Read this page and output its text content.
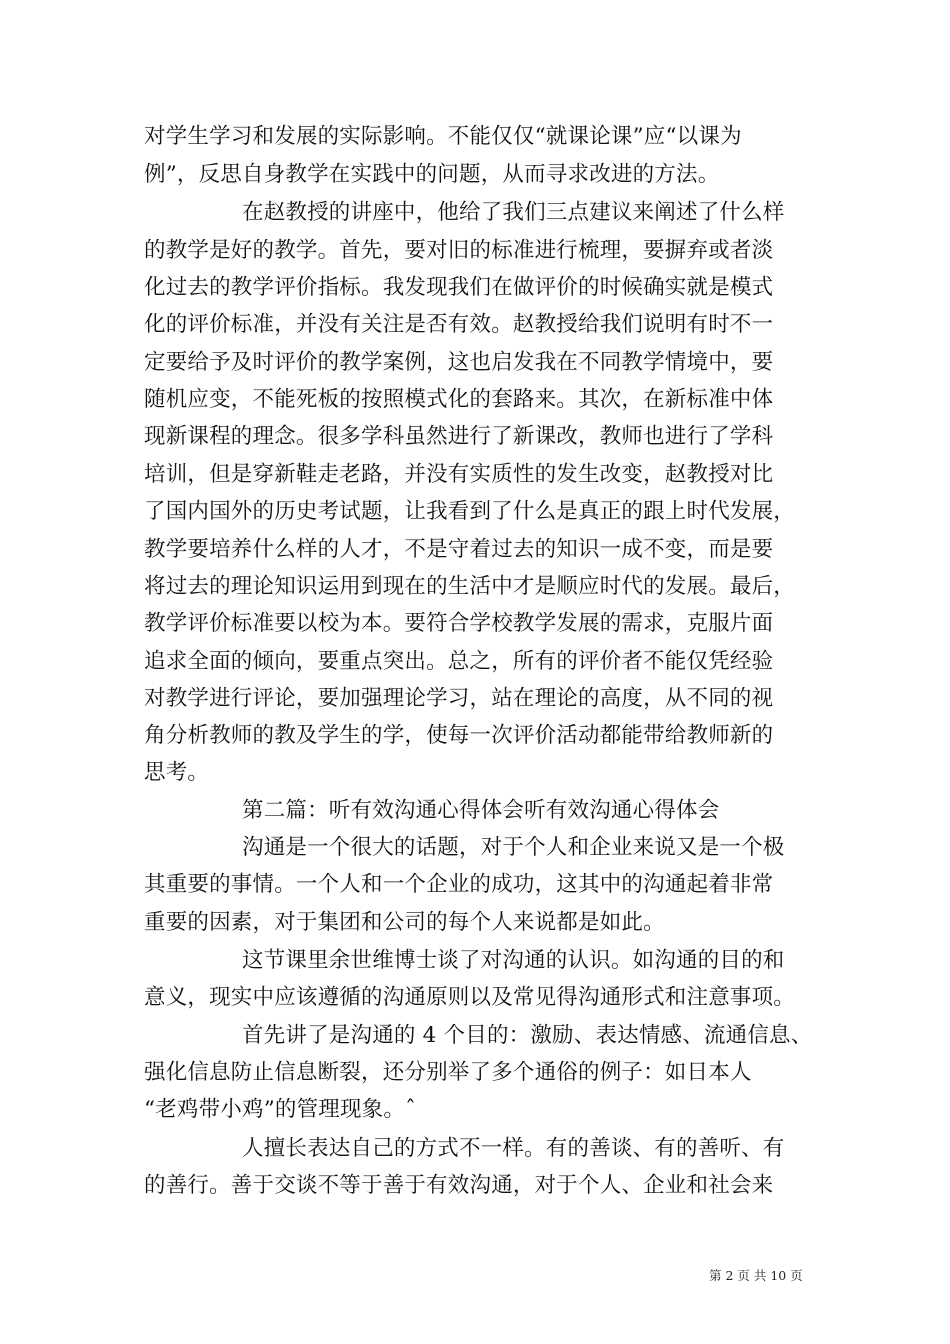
对学生学习和发展的实际影响。不能仅仅“就课论课”应“以课为
例”，反思自身教学在实践中的问题，从而寻求改进的方法。
在赵教授的讲座中，他给了我们三点建议来阐述了什么样
的教学是好的教学。首先，要对旧的标准进行梳理，要摒弃或者淡
化过去的教学评价指标。我发现我们在做评价的时候确实就是模式
化的评价标准，并没有关注是否有效。赵教授给我们说明有时不一
定要给予及时评价的教学案例，这也启发我在不同教学情境中，要
随机应变，不能死板的按照模式化的套路来。其次，在新标准中体
现新课程的理念。很多学科虽然进行了新课改，教师也进行了学科
培训，但是穿新鞋走老路，并没有实质性的发生改变，赵教授对比
了国内国外的历史考试题，让我看到了什么是真正的跟上时代发展，
教学要培养什么样的人才，不是守着过去的知识一成不变，而是要
将过去的理论知识运用到现在的生活中才是顺应时代的发展。最后，
教学评价标准要以校为本。要符合学校教学发展的需求，克服片面
追求全面的倾向，要重点突出。总之，所有的评价者不能仅凭经验
对教学进行评论，要加强理论学习，站在理论的高度，从不同的视
角分析教师的教及学生的学，使每一次评价活动都能带给教师新的
思考。
第二篇：听有效沟通心得体会听有效沟通心得体会
沟通是一个很大的话题，对于个人和企业来说又是一个极
其重要的事情。一个人和一个企业的成功，这其中的沟通起着非常
重要的因素，对于集团和公司的每个人来说都是如此。
这节课里余世维博士谈了对沟通的认识。如沟通的目的和
意义，现实中应该遵循的沟通原则以及常见得沟通形式和注意事项。
首先讲了是沟通的 4 个目的：激励、表达情感、流通信息、
强化信息防止信息断裂，还分别举了多个通俗的例子：如日本人
“老鸡带小鸡”的管理现象。ˆ
人擅长表达自己的方式不一样。有的善谈、有的善听、有
的善行。善于交谈不等于善于有效沟通，对于个人、企业和社会来
第 2 页 共 10 页
